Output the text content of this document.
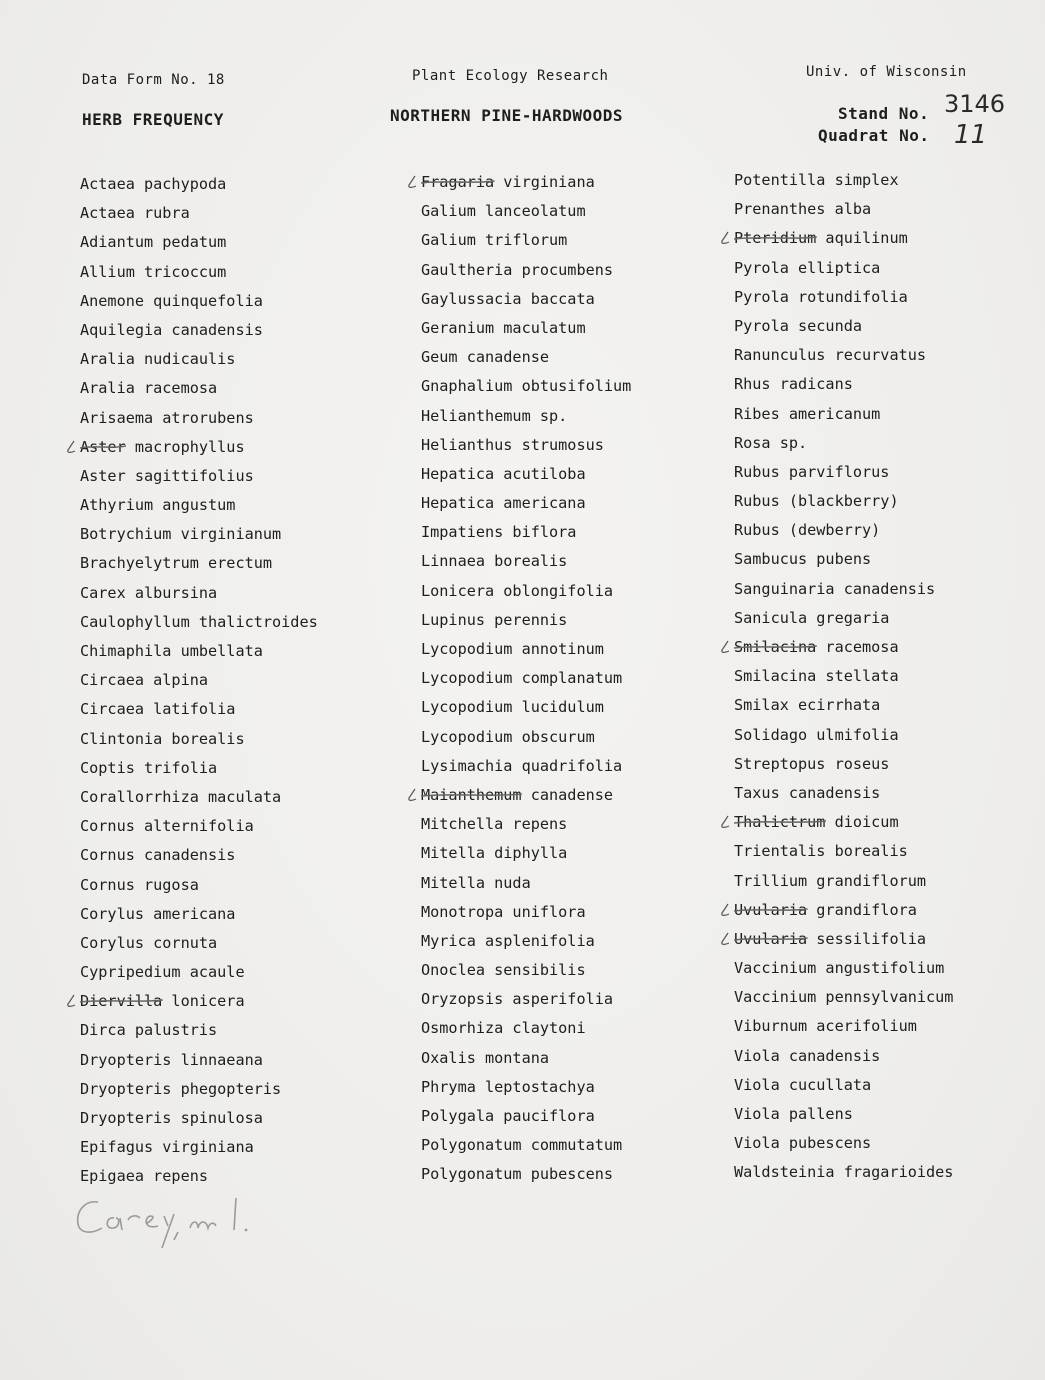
Data Form No. 18	Plant Ecology Research	Univ. of Wisconsin
HERB FREQUENCY	NORTHERN PINE-HARDWOODS	Stand No. 3146
Quadrat No. 11
Actaea pachypoda
Actaea rubra
Adiantum pedatum
Allium tricoccum
Anemone quinquefolia
Aquilegia canadensis
Aralia nudicaulis
Aralia racemosa
Arisaema atrorubens
Aster macrophyllus
Aster sagittifolius
Athyrium angustum
Botrychium virginianum
Brachyelytrum erectum
Carex albursina
Caulophyllum thalictroides
Chimaphila umbellata
Circaea alpina
Circaea latifolia
Clintonia borealis
Coptis trifolia
Corallorrhiza maculata
Cornus alternifolia
Cornus canadensis
Cornus rugosa
Corylus americana
Corylus cornuta
Cypripedium acaule
Diervilla lonicera
Dirca palustris
Dryopteris linnaeana
Dryopteris phegopteris
Dryopteris spinulosa
Epifagus virginiana
Epigaea repens
Fragaria virginiana
Galium lanceolatum
Galium triflorum
Gaultheria procumbens
Gaylussacia baccata
Geranium maculatum
Geum canadense
Gnaphalium obtusifolium
Helianthemum sp.
Helianthus strumosus
Hepatica acutiloba
Hepatica americana
Impatiens biflora
Linnaea borealis
Lonicera oblongifolia
Lupinus perennis
Lycopodium annotinum
Lycopodium complanatum
Lycopodium lucidulum
Lycopodium obscurum
Lysimachia quadrifolia
Maianthemum canadense
Mitchella repens
Mitella diphylla
Mitella nuda
Monotropa uniflora
Myrica asplenifolia
Onoclea sensibilis
Oryzopsis asperifolia
Osmorhiza claytoni
Oxalis montana
Phryma leptostachya
Polygala pauciflora
Polygonatum commutatum
Polygonatum pubescens
Potentilla simplex
Prenanthes alba
Pteridium aquilinum
Pyrola elliptica
Pyrola rotundifolia
Pyrola secunda
Ranunculus recurvatus
Rhus radicans
Ribes americanum
Rosa sp.
Rubus parviflorus
Rubus (blackberry)
Rubus (dewberry)
Sambucus pubens
Sanguinaria canadensis
Sanicula gregaria
Smilacina racemosa
Smilacina stellata
Smilax ecirrhata
Solidago ulmifolia
Streptopus roseus
Taxus canadensis
Thalictrum dioicum
Trientalis borealis
Trillium grandiflorum
Uvularia grandiflora
Uvularia sessilifolia
Vaccinium angustifolium
Vaccinium pennsylvanicum
Viburnum acerifolium
Viola canadensis
Viola cucullata
Viola pallens
Viola pubescens
Waldsteinia fragarioides
